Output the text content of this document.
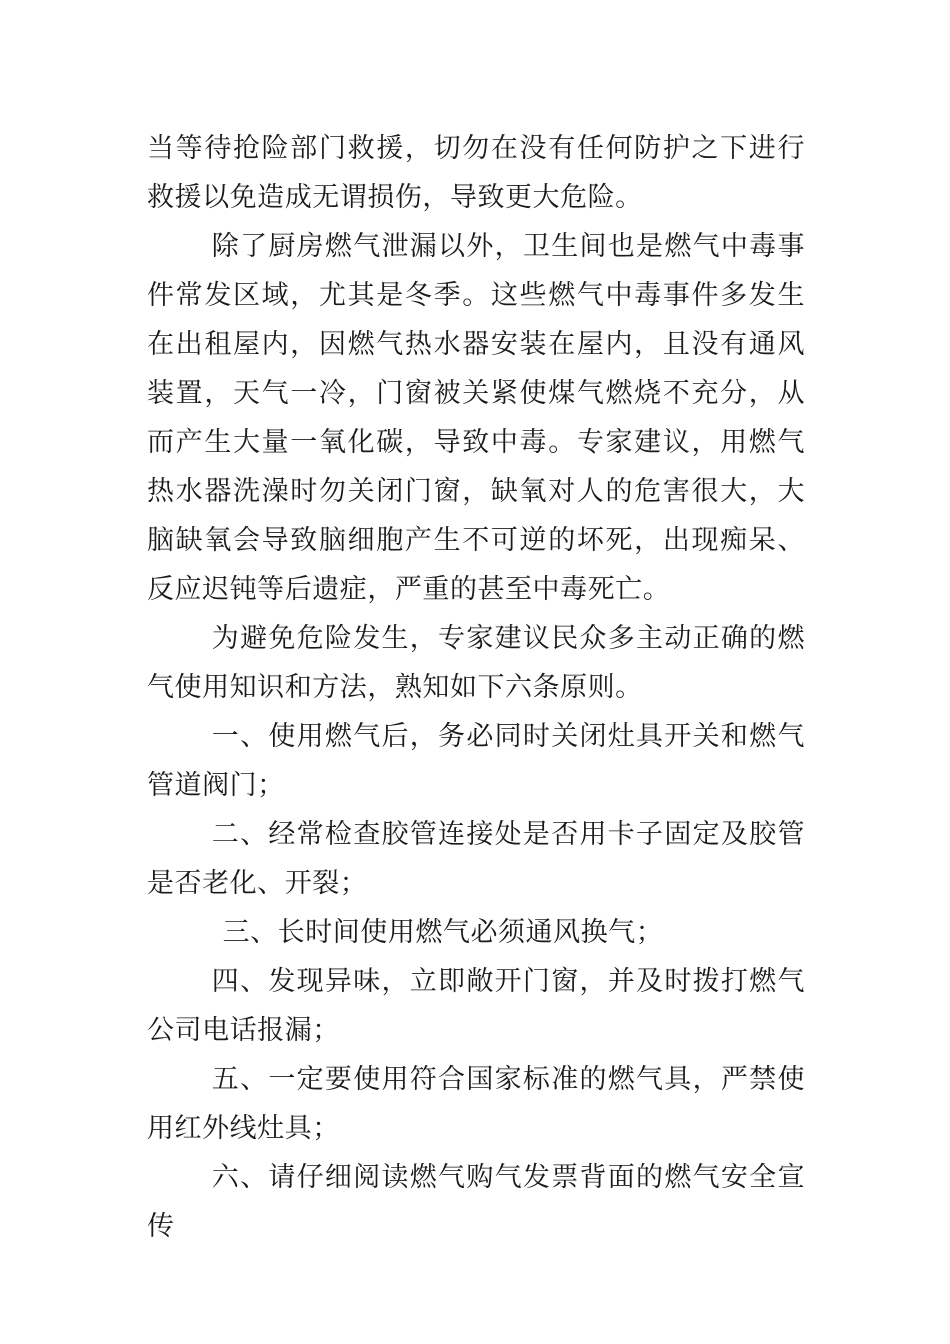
当等待抢险部门救援，切勿在没有任何防护之下进行救援以免造成无谓损伤，导致更大危险。

除了厨房燃气泄漏以外，卫生间也是燃气中毒事件常发区域，尤其是冬季。这些燃气中毒事件多发生在出租屋内，因燃气热水器安装在屋内，且没有通风装置，天气一冷，门窗被关紧使煤气燃烧不充分，从而产生大量一氧化碳，导致中毒。专家建议，用燃气热水器洗澡时勿关闭门窗，缺氧对人的危害很大，大脑缺氧会导致脑细胞产生不可逆的坏死，出现痴呆、反应迟钝等后遗症，严重的甚至中毒死亡。

为避免危险发生，专家建议民众多主动正确的燃气使用知识和方法，熟知如下六条原则。

一、使用燃气后，务必同时关闭灶具开关和燃气管道阀门；

二、经常检查胶管连接处是否用卡子固定及胶管是否老化、开裂；

三、长时间使用燃气必须通风换气；

四、发现异味，立即敞开门窗，并及时拨打燃气公司电话报漏；

五、一定要使用符合国家标准的燃气具，严禁使用红外线灶具；

六、请仔细阅读燃气购气发票背面的燃气安全宣传
